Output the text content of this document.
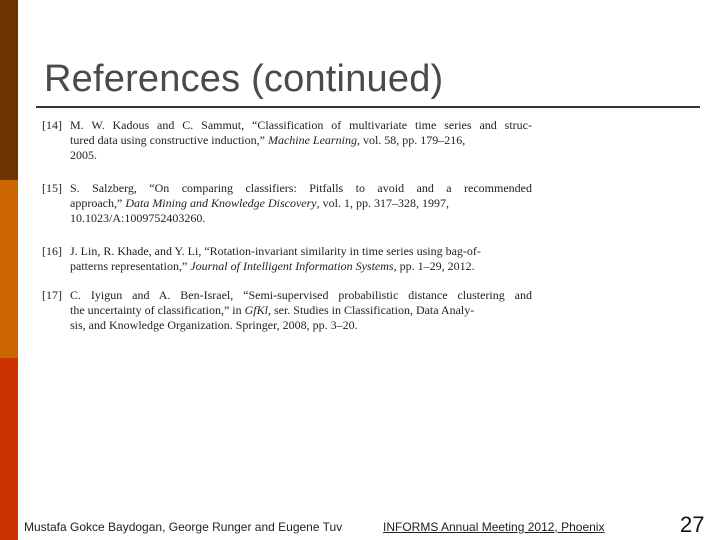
References (continued)
[14] M. W. Kadous and C. Sammut, “Classification of multivariate time series and struc-
tured data using constructive induction,” Machine Learning, vol. 58, pp. 179–216,
2005.
[15] S. Salzberg, “On comparing classifiers: Pitfalls to avoid and a recommended
approach,” Data Mining and Knowledge Discovery, vol. 1, pp. 317–328, 1997,
10.1023/A:1009752403260.
[16] J. Lin, R. Khade, and Y. Li, “Rotation-invariant similarity in time series using bag-of-
patterns representation,” Journal of Intelligent Information Systems, pp. 1–29, 2012.
[17] C. Iyigun and A. Ben-Israel, “Semi-supervised probabilistic distance clustering and
the uncertainty of classification,” in GfKl, ser. Studies in Classification, Data Analy-
sis, and Knowledge Organization. Springer, 2008, pp. 3–20.
Mustafa Gokce Baydogan, George Runger and Eugene Tuv	INFORMS Annual Meeting 2012, Phoenix	27
